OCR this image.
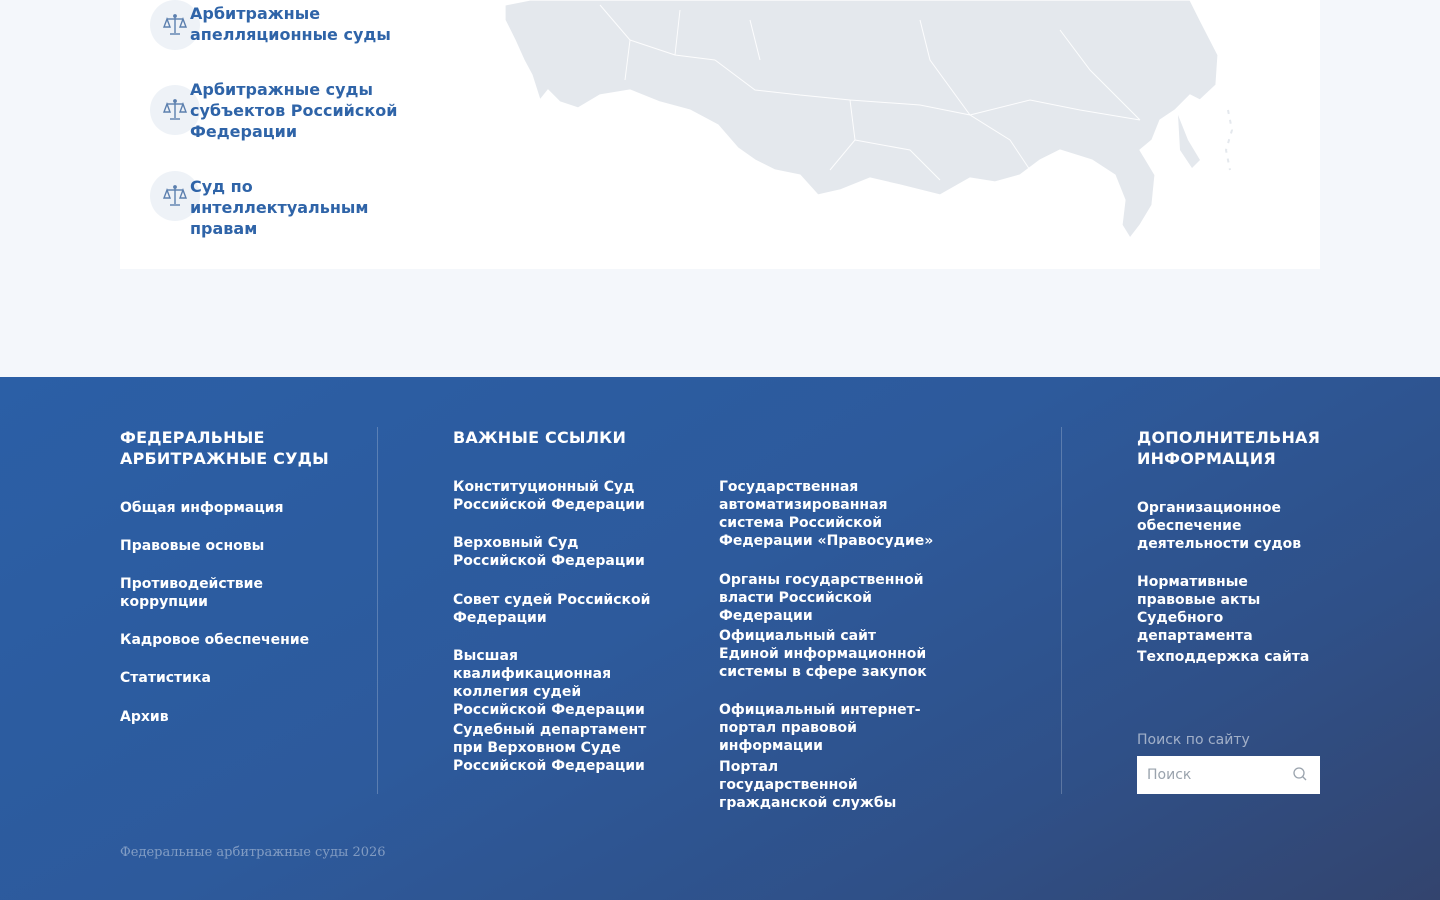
Арбитражные апелляционные суды
Арбитражные суды субъектов Российской Федерации
Суд по интеллектуальным правам
ФЕДЕРАЛЬНЫЕ АРБИТРАЖНЫЕ СУДЫ
Общая информация
Правовые основы
Противодействие коррупции
Кадровое обеспечение
Статистика
Архив
ВАЖНЫЕ ССЫЛКИ
Конституционный Суд Российской Федерации
Верховный Суд Российской Федерации
Совет судей Российской Федерации
Высшая квалификационная коллегия судей Российской Федерации
Судебный департамент при Верховном Суде Российской Федерации
Государственная автоматизированная система Российской Федерации «Правосудие»
Органы государственной власти Российской Федерации
Официальный сайт Единой информационной системы в сфере закупок
Официальный интернет-портал правовой информации
Портал государственной гражданской службы
ДОПОЛНИТЕЛЬНАЯ ИНФОРМАЦИЯ
Организационное обеспечение деятельности судов
Нормативные правовые акты Судебного департамента
Техподдержка сайта
Поиск по сайту
Поиск
Федеральные арбитражные суды 2026
